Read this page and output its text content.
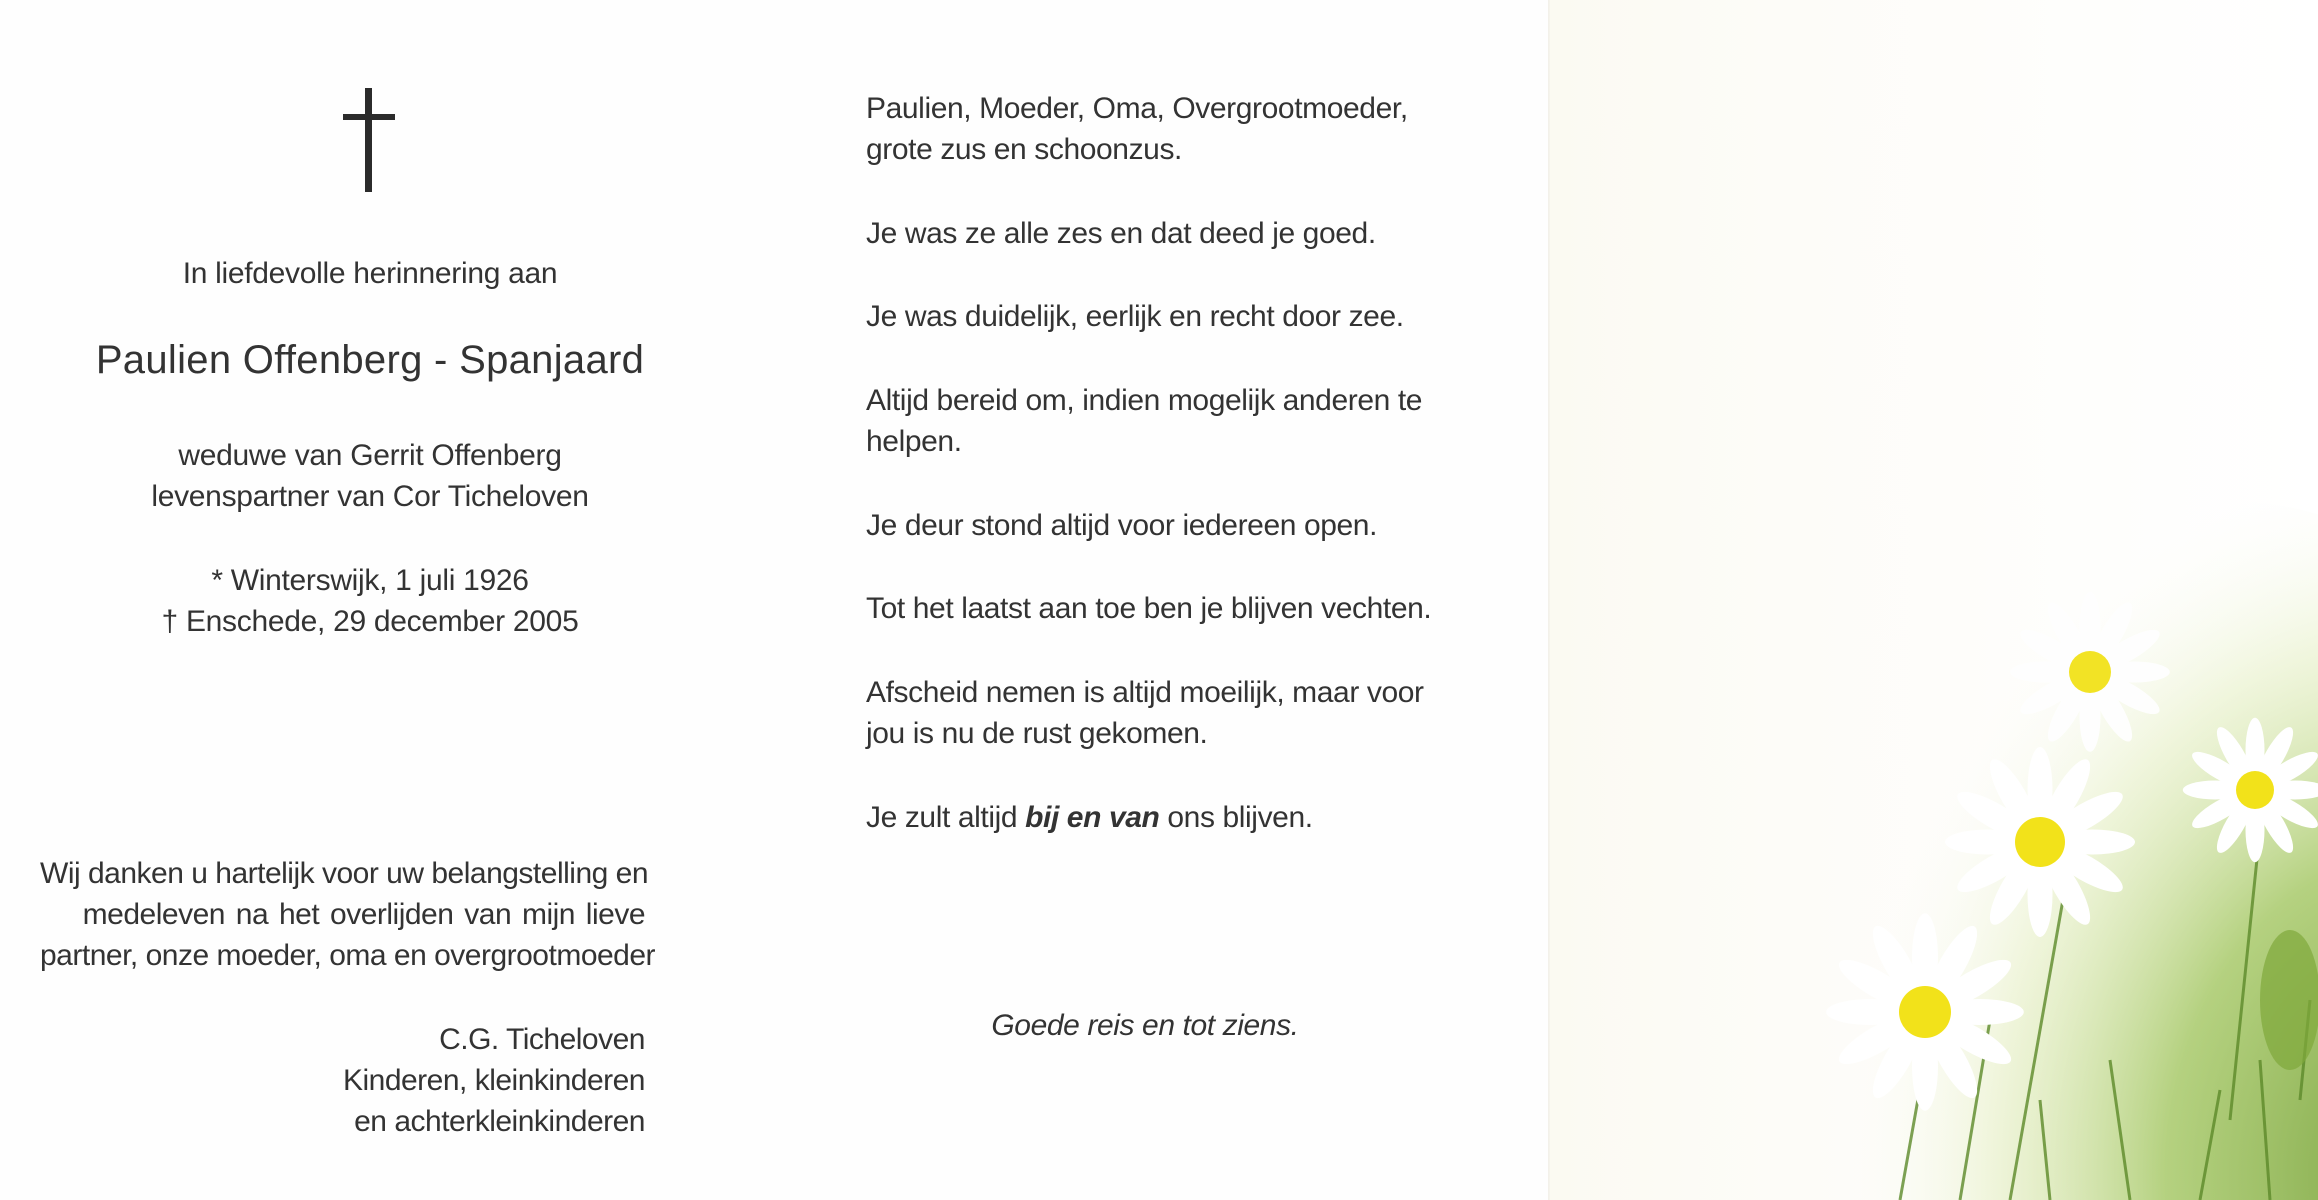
In liefdevolle herinnering aan

Paulien Offenberg - Spanjaard

weduwe van Gerrit Offenberg

levenspartner van Cor Ticheloven

* Winterswijk, 1 juli 1926

† Enschede, 29 december 2005

Wij danken u hartelijk voor uw belangstelling en

medeleven na het overlijden van mijn lieve

partner, onze moeder, oma en overgrootmoeder

C.G. Ticheloven

Kinderen, kleinkinderen

en achterkleinkinderen

Paulien, Moeder, Oma, Overgrootmoeder,

grote zus en schoonzus.

Je was ze alle zes en dat deed je goed.

Je was duidelijk, eerlijk en recht door zee.

Altijd bereid om, indien mogelijk anderen te

helpen.

Je deur stond altijd voor iedereen open.

Tot het laatst aan toe ben je blijven vechten.

Afscheid nemen is altijd moeilijk, maar voor

jou is nu de rust gekomen.

Je zult altijd bij en van ons blijven.

Goede reis en tot ziens.
